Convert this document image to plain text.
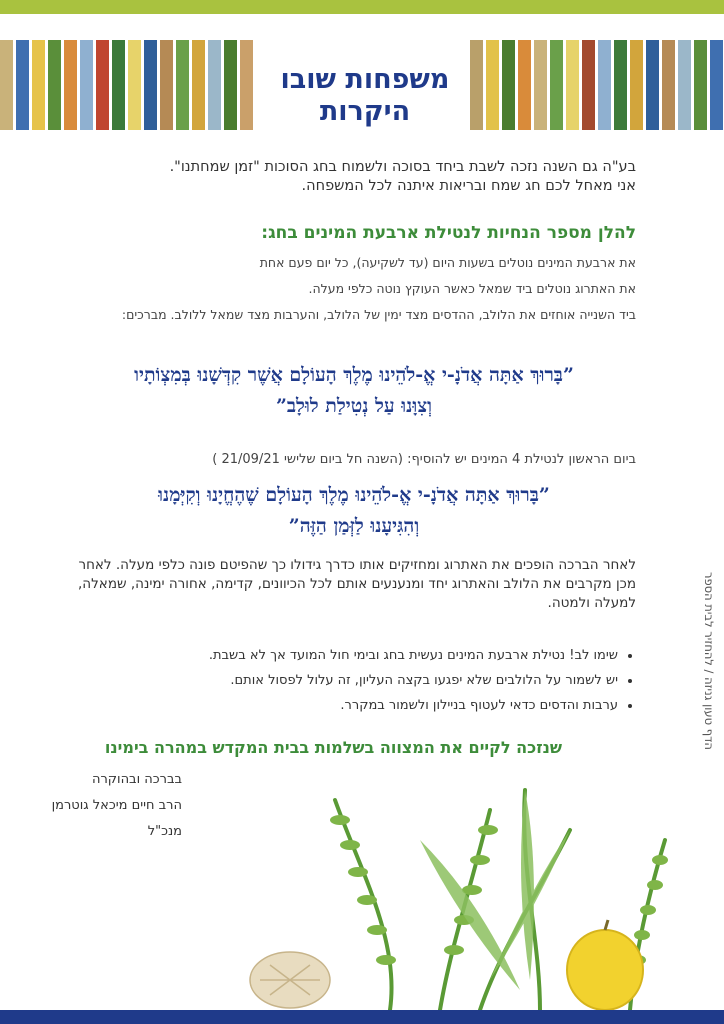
משפחות שובו
היקרות
בע"ה גם השנה נזכה לשבת ביחד בסוכה ולשמוח בחג הסוכות "זמן שמחתנו".
אני מאחל לכם חג שמח ובריאות איתנה לכל המשפחה.
להלן מספר הנחיות לנטילת ארבעת המינים בחג:
את ארבעת המינים נוטלים בשעות היום (עד לשקיעה), כל יום פעם אחת
את האתרוג נוטלים ביד שמאל כאשר העוקץ נוטה כלפי מעלה.
ביד השנייה אוחזים את הלולב, ההדסים מצד ימין של הלולב, והערבות מצד שמאל ללולב. מברכים:
”בָּרוּךְ אַתָּה אֲדֹנָ-י אֱ-לֹהֵינוּ מֶלֶךְ הָעוֹלָם אֲשֶׁר קִדְּשָׁנוּ בְּמִצְוֹתָיו
וְצִוָּנוּ עַל נְטִילַת לוּלָב”
ביום הראשון לנטילת 4 המינים יש להוסיף: (השנה חל ביום שלישי 21/09/21 )
”בָּרוּךְ אַתָּה אֲדֹנָ-י אֱ-לֹהֵינוּ מֶלֶךְ הָעוֹלָם שֶׁהֶחֱיָנוּ וְקִיְּמָנוּ
וְהִגִּיעָנוּ לַזְּמַן הַזֶּה”
לאחר הברכה הופכים את האתרוג ומחזיקים אותו כדרך גידולו כך שהפיטם פונה כלפי מעלה. לאחר מכן מקרבים את הלולב והאתרוג יחד ומנענעים אותם לכל הכיוונים, קדימה, אחורה ימינה, שמאלה, למעלה ולמטה.
• שימו לב! נטילת ארבעת המינים נעשית בחג ובימי חול המועד אך לא בשבת.
• יש לשמור על הלולבים שלא יפגעו בקצה העליון, זה עלול לפסול אותם.
• ערבות והדסים כדאי לעטוף בניילון ולשמור במקרר.
שנזכה לקיים את המצווה בשלמות בבית המקדש במהרה בימינו
בברכה ובהוקרה
הרב חיים מיכאל גוטרמן
מנכ"ל
הדף טעון גניזה / להחזיר לבית הספר
